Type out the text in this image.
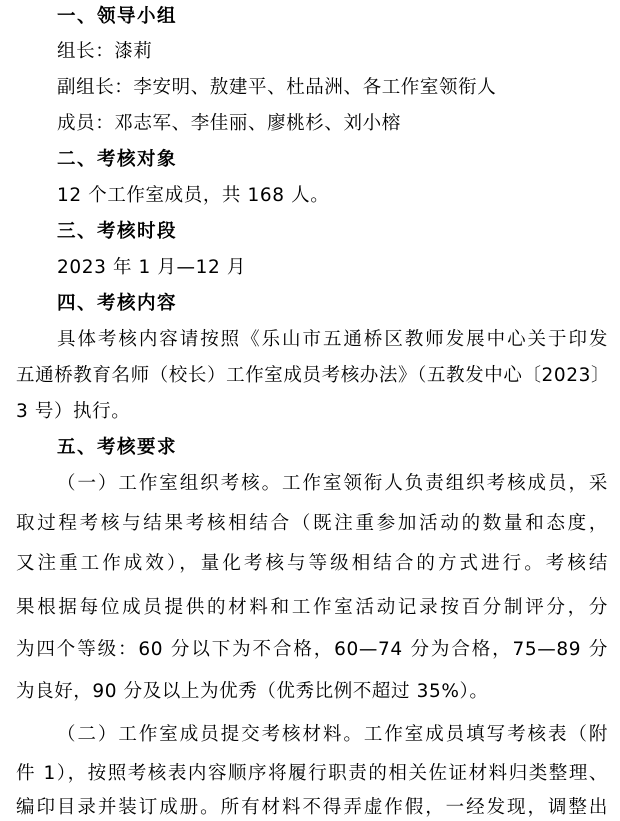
一、领导小组
组长：漆莉
副组长：李安明、敖建平、杜品洲、各工作室领衔人
成员：邓志军、李佳丽、廖桃杉、刘小榕
二、考核对象
12 个工作室成员，共 168 人。
三、考核时段
2023 年 1 月—12 月
四、考核内容
具体考核内容请按照《乐山市五通桥区教师发展中心关于印发
五通桥教育名师（校长）工作室成员考核办法》（五教发中心〔2023〕
3 号）执行。
五、考核要求
（一）工作室组织考核。工作室领衔人负责组织考核成员，采
取过程考核与结果考核相结合（既注重参加活动的数量和态度，
又注重工作成效），量化考核与等级相结合的方式进行。考核结
果根据每位成员提供的材料和工作室活动记录按百分制评分，分
为四个等级：60 分以下为不合格，60—74 分为合格，75—89 分
为良好，90 分及以上为优秀（优秀比例不超过 35%）。
（二）工作室成员提交考核材料。工作室成员填写考核表（附
件 1），按照考核表内容顺序将履行职责的相关佐证材料归类整理、
编印目录并装订成册。所有材料不得弄虚作假，一经发现，调整出
